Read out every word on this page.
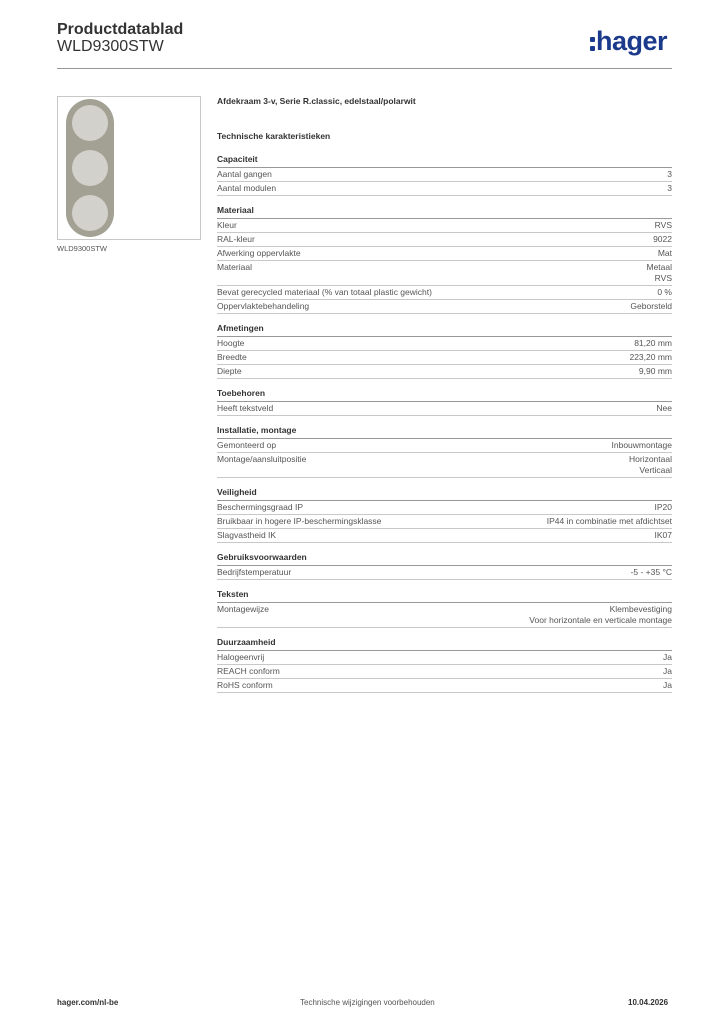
Productdatablad
WLD9300STW	hager
WLD9300STW
Afdekraam 3-v, Serie R.classic, edelstaal/polarwit
Technische karakteristieken
Capaciteit
Aantal gangen	3
Aantal modulen	3
Materiaal
Kleur	RVS
RAL-kleur	9022
Afwerking oppervlakte	Mat
Materiaal	Metaal
RVS
Bevat gerecycled materiaal (% van totaal plastic gewicht)	0 %
Oppervlaktebehandeling	Geborsteld
Afmetingen
Hoogte	81,20 mm
Breedte	223,20 mm
Diepte	9,90 mm
Toebehoren
Heeft tekstveld	Nee
Installatie, montage
Gemonteerd op	Inbouwmontage
Montage/aansluitpositie	Horizontaal
Verticaal
Veiligheid
Beschermingsgraad IP	IP20
Bruikbaar in hogere IP-beschermingsklasse	IP44 in combinatie met afdichtset
Slagvastheid IK	IK07
Gebruiksvoorwaarden
Bedrijfstemperatuur	-5 - +35 °C
Teksten
Montagewijze	Klembevestiging
Voor horizontale en verticale montage
Duurzaamheid
Halogeenvrij	Ja
REACH conform	Ja
RoHS conform	Ja
hager.com/nl-be	Technische wijzigingen voorbehouden	10.04.2026
